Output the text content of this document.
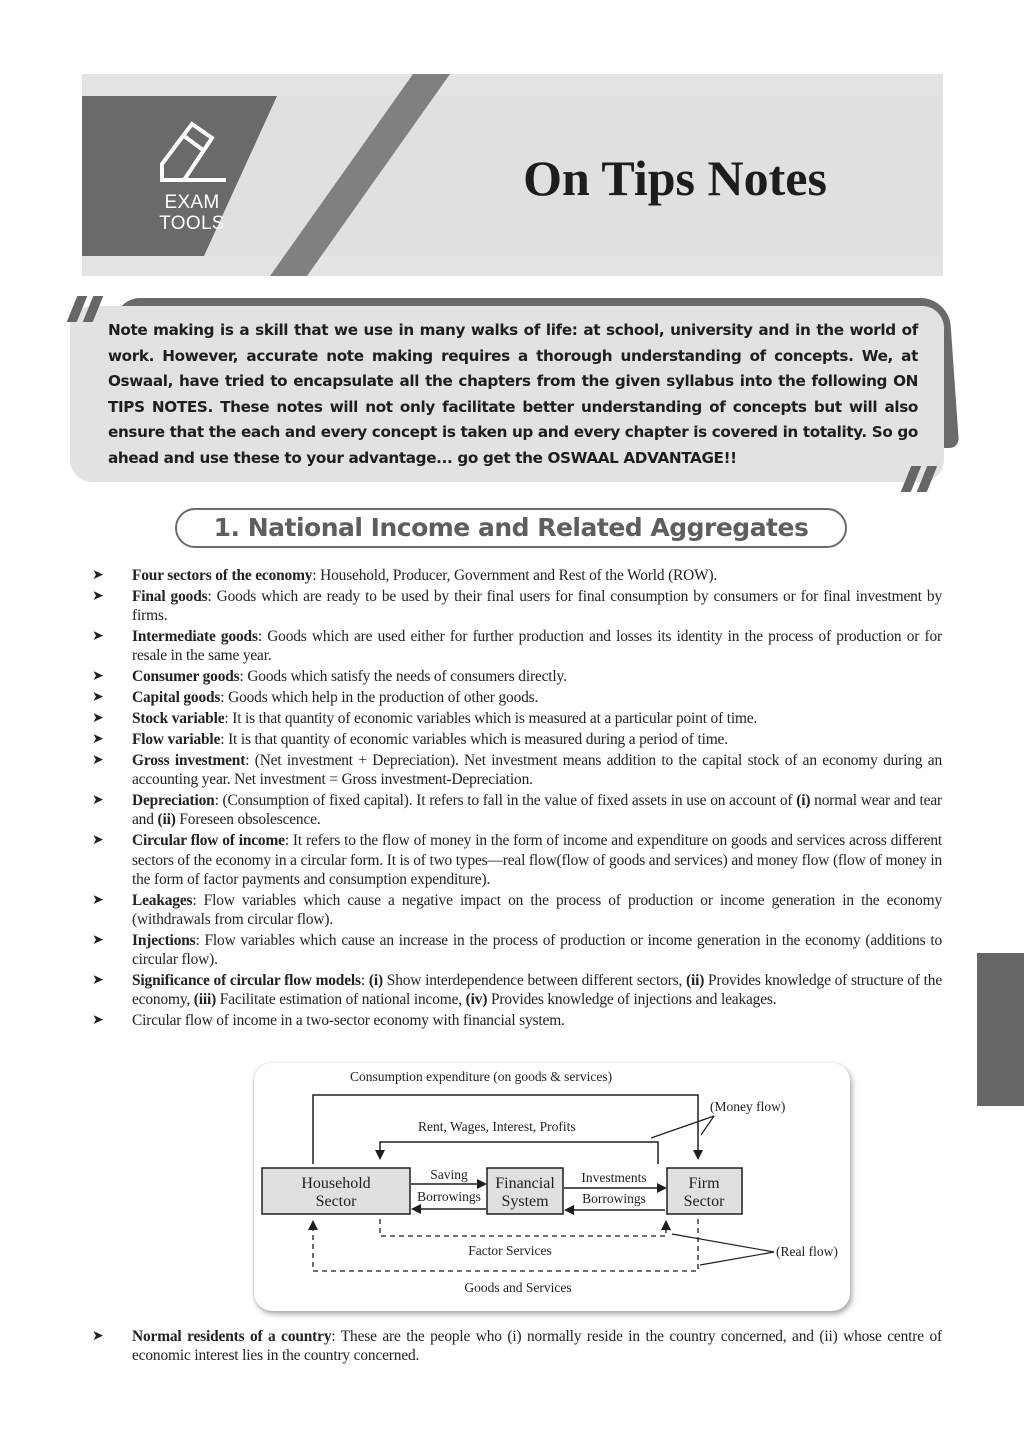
EXAM
TOOLS
On Tips Notes
Note making is a skill that we use in many walks of life: at school, university and in the world of work. However, accurate note making requires a thorough understanding of concepts. We, at Oswaal, have tried to encapsulate all the chapters from the given syllabus into the following ON TIPS NOTES. These notes will not only facilitate better understanding of concepts but will also ensure that the each and every concept is taken up and every chapter is covered in totality. So go ahead and use these to your advantage... go get the OSWAAL ADVANTAGE!!
1. National Income and Related Aggregates
➤ Four sectors of the economy: Household, Producer, Government and Rest of the World (ROW).
➤ Final goods: Goods which are ready to be used by their final users for final consumption by consumers or for final investment by firms.
➤ Intermediate goods: Goods which are used either for further production and losses its identity in the process of production or for resale in the same year.
➤ Consumer goods: Goods which satisfy the needs of consumers directly.
➤ Capital goods: Goods which help in the production of other goods.
➤ Stock variable: It is that quantity of economic variables which is measured at a particular point of time.
➤ Flow variable: It is that quantity of economic variables which is measured during a period of time.
➤ Gross investment: (Net investment + Depreciation). Net investment means addition to the capital stock of an economy during an accounting year. Net investment = Gross investment-Depreciation.
➤ Depreciation: (Consumption of fixed capital). It refers to fall in the value of fixed assets in use on account of (i) normal wear and tear and (ii) Foreseen obsolescence.
➤ Circular flow of income: It refers to the flow of money in the form of income and expenditure on goods and services across different sectors of the economy in a circular form. It is of two types—real flow(flow of goods and services) and money flow (flow of money in the form of factor payments and consumption expenditure).
➤ Leakages: Flow variables which cause a negative impact on the process of production or income generation in the economy (withdrawals from circular flow).
➤ Injections: Flow variables which cause an increase in the process of production or income generation in the economy (additions to circular flow).
➤ Significance of circular flow models: (i) Show interdependence between different sectors, (ii) Provides knowledge of structure of the economy, (iii) Facilitate estimation of national income, (iv) Provides knowledge of injections and leakages.
➤ Circular flow of income in a two-sector economy with financial system.
Consumption expenditure (on goods & services)
(Money flow)
Rent, Wages, Interest, Profits
Household
Sector
Financial
System
Firm
Sector
Saving
Borrowings
Investments
Borrowings
Factor Services
Goods and Services
(Real flow)
➤ Normal residents of a country: These are the people who (i) normally reside in the country concerned, and (ii) whose centre of economic interest lies in the country concerned.
